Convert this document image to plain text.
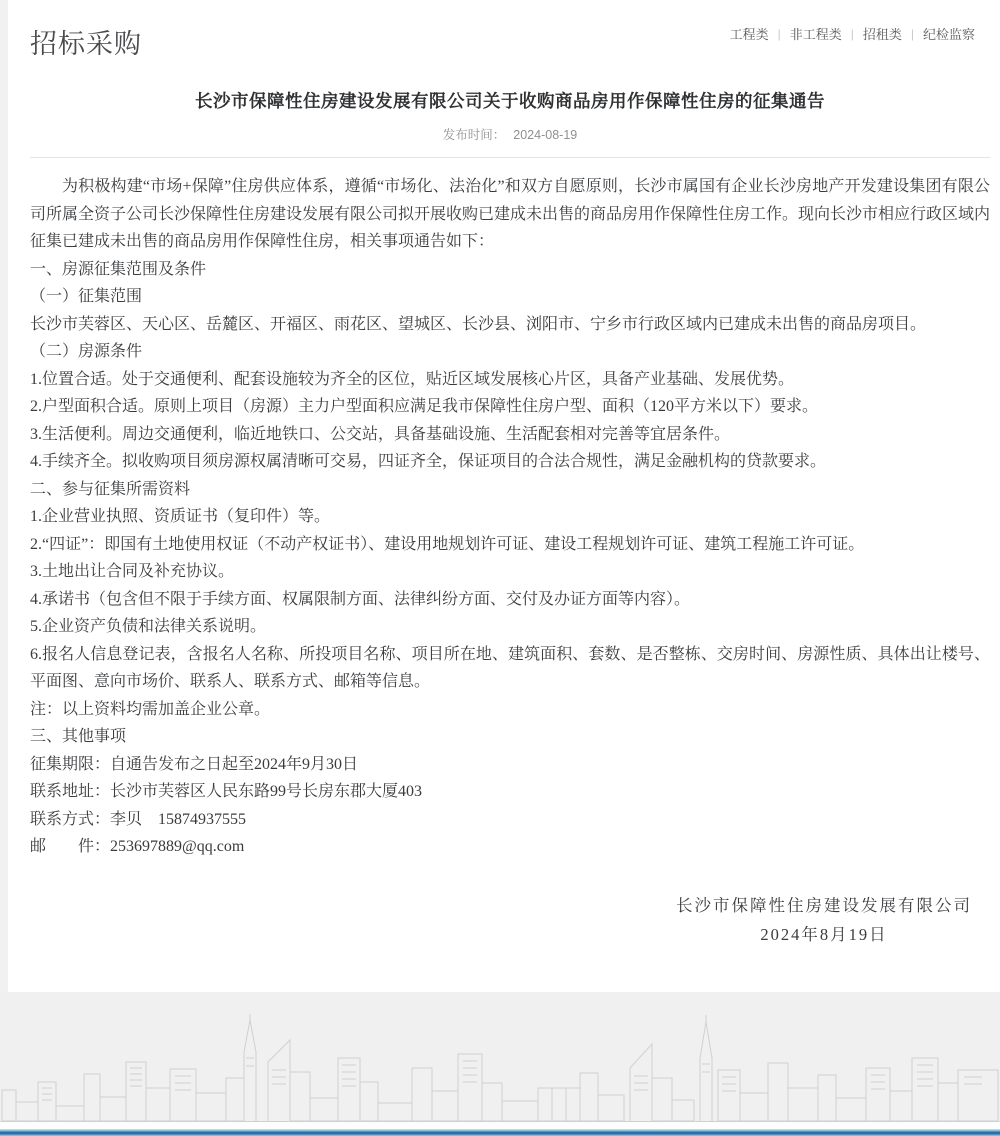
招标采购	工程类 | 非工程类 | 招租类 | 纪检监察
长沙市保障性住房建设发展有限公司关于收购商品房用作保障性住房的征集通告
发布时间： 2024-08-19

为积极构建“市场+保障”住房供应体系，遵循“市场化、法治化”和双方自愿原则，长沙市属国有企业长沙房地产开发建设集团有限公司所属全资子公司长沙保障性住房建设发展有限公司拟开展收购已建成未出售的商品房用作保障性住房工作。现向长沙市相应行政区域内征集已建成未出售的商品房用作保障性住房，相关事项通告如下：

一、房源征集范围及条件

（一）征集范围

长沙市芙蓉区、天心区、岳麓区、开福区、雨花区、望城区、长沙县、浏阳市、宁乡市行政区域内已建成未出售的商品房项目。

（二）房源条件

1.位置合适。处于交通便利、配套设施较为齐全的区位，贴近区域发展核心片区，具备产业基础、发展优势。

2.户型面积合适。原则上项目（房源）主力户型面积应满足我市保障性住房户型、面积（120平方米以下）要求。

3.生活便利。周边交通便利，临近地铁口、公交站，具备基础设施、生活配套相对完善等宜居条件。

4.手续齐全。拟收购项目须房源权属清晰可交易，四证齐全，保证项目的合法合规性，满足金融机构的贷款要求。

二、参与征集所需资料

1.企业营业执照、资质证书（复印件）等。

2.“四证”：即国有土地使用权证（不动产权证书）、建设用地规划许可证、建设工程规划许可证、建筑工程施工许可证。

3.土地出让合同及补充协议。

4.承诺书（包含但不限于手续方面、权属限制方面、法律纠纷方面、交付及办证方面等内容）。

5.企业资产负债和法律关系说明。

6.报名人信息登记表，含报名人名称、所投项目名称、项目所在地、建筑面积、套数、是否整栋、交房时间、房源性质、具体出让楼号、平面图、意向市场价、联系人、联系方式、邮箱等信息。

注：以上资料均需加盖企业公章。

三、其他事项

征集期限：自通告发布之日起至2024年9月30日

联系地址：长沙市芙蓉区人民东路99号长房东郡大厦403

联系方式：李贝　15874937555

邮　　件：253697889@qq.com

长沙市保障性住房建设发展有限公司
2024年8月19日
